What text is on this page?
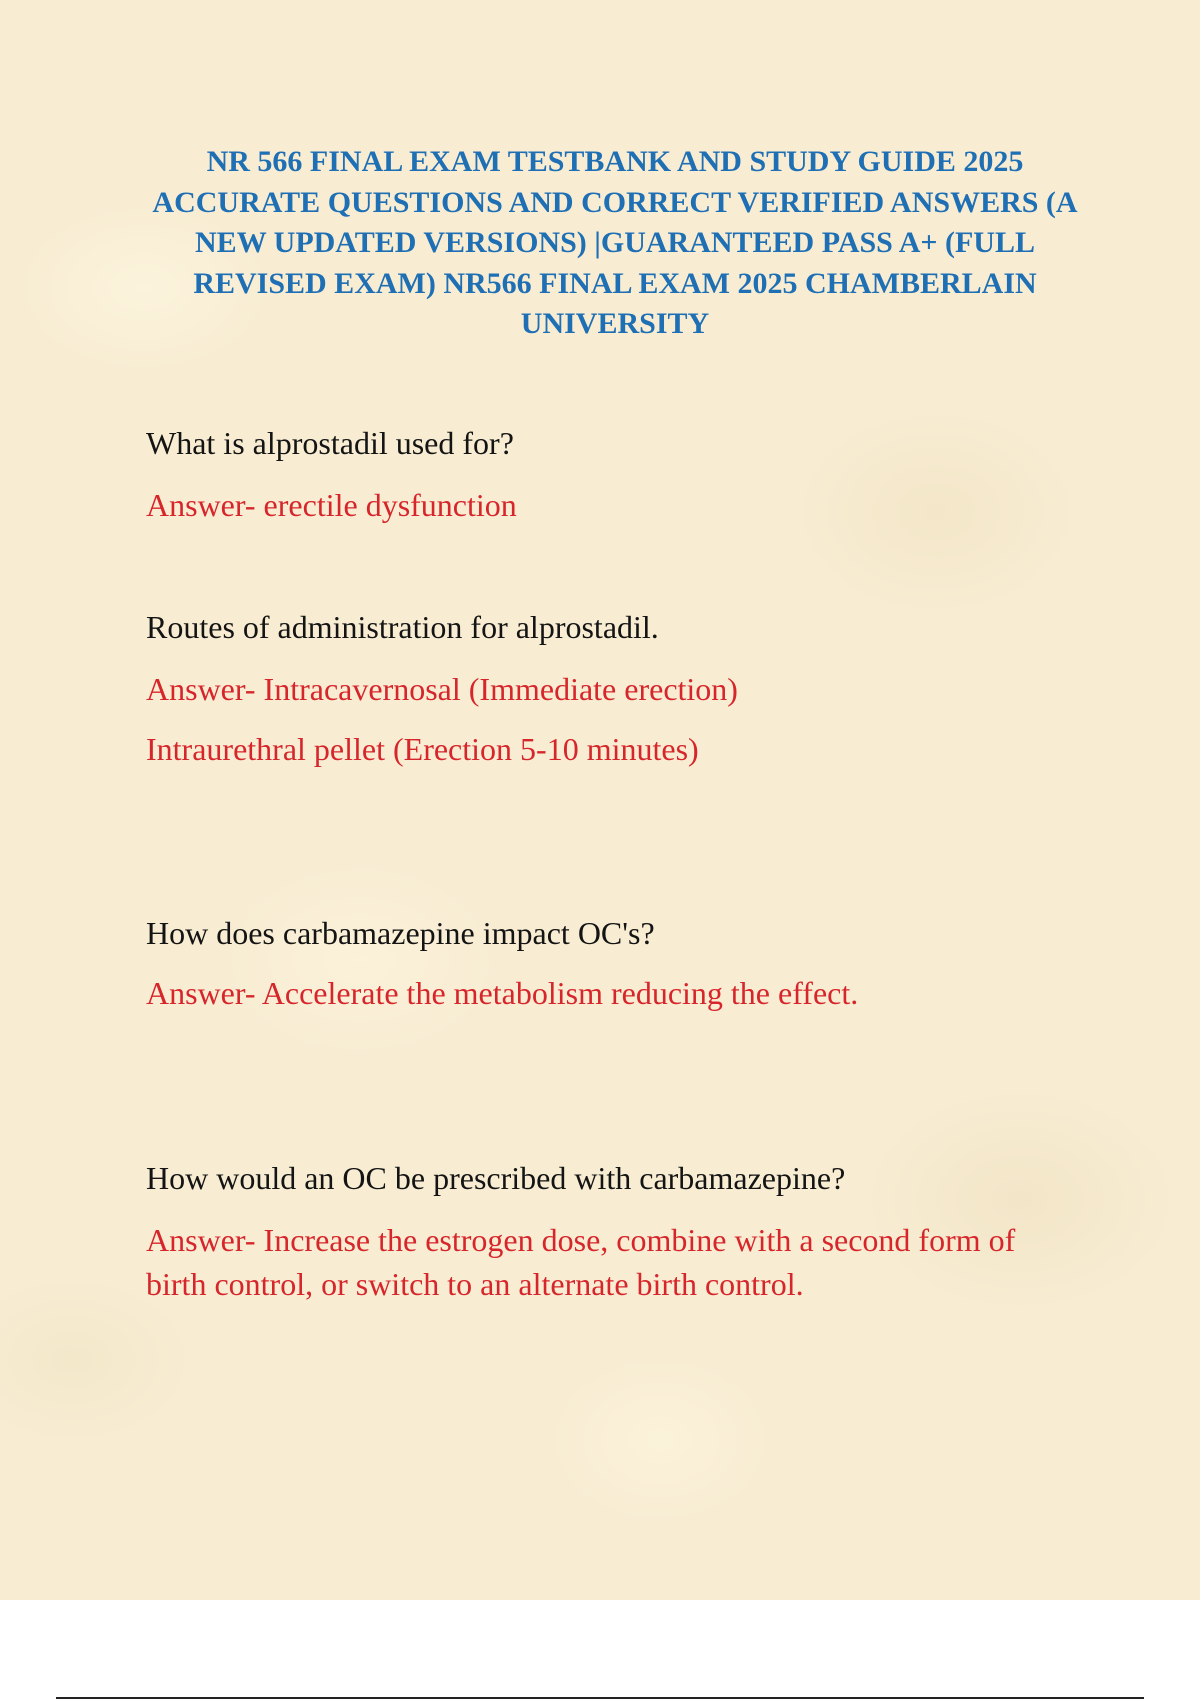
NR 566 FINAL EXAM TESTBANK AND STUDY GUIDE 2025 ACCURATE QUESTIONS AND CORRECT VERIFIED ANSWERS (A NEW UPDATED VERSIONS) |GUARANTEED PASS A+ (FULL REVISED EXAM) NR566 FINAL EXAM 2025 CHAMBERLAIN UNIVERSITY

What is alprostadil used for?

Answer- erectile dysfunction

Routes of administration for alprostadil.

Answer- Intracavernosal (Immediate erection)

Intraurethral pellet (Erection 5-10 minutes)

How does carbamazepine impact OC's?

Answer- Accelerate the metabolism reducing the effect.

How would an OC be prescribed with carbamazepine?

Answer- Increase the estrogen dose, combine with a second form of birth control, or switch to an alternate birth control.
